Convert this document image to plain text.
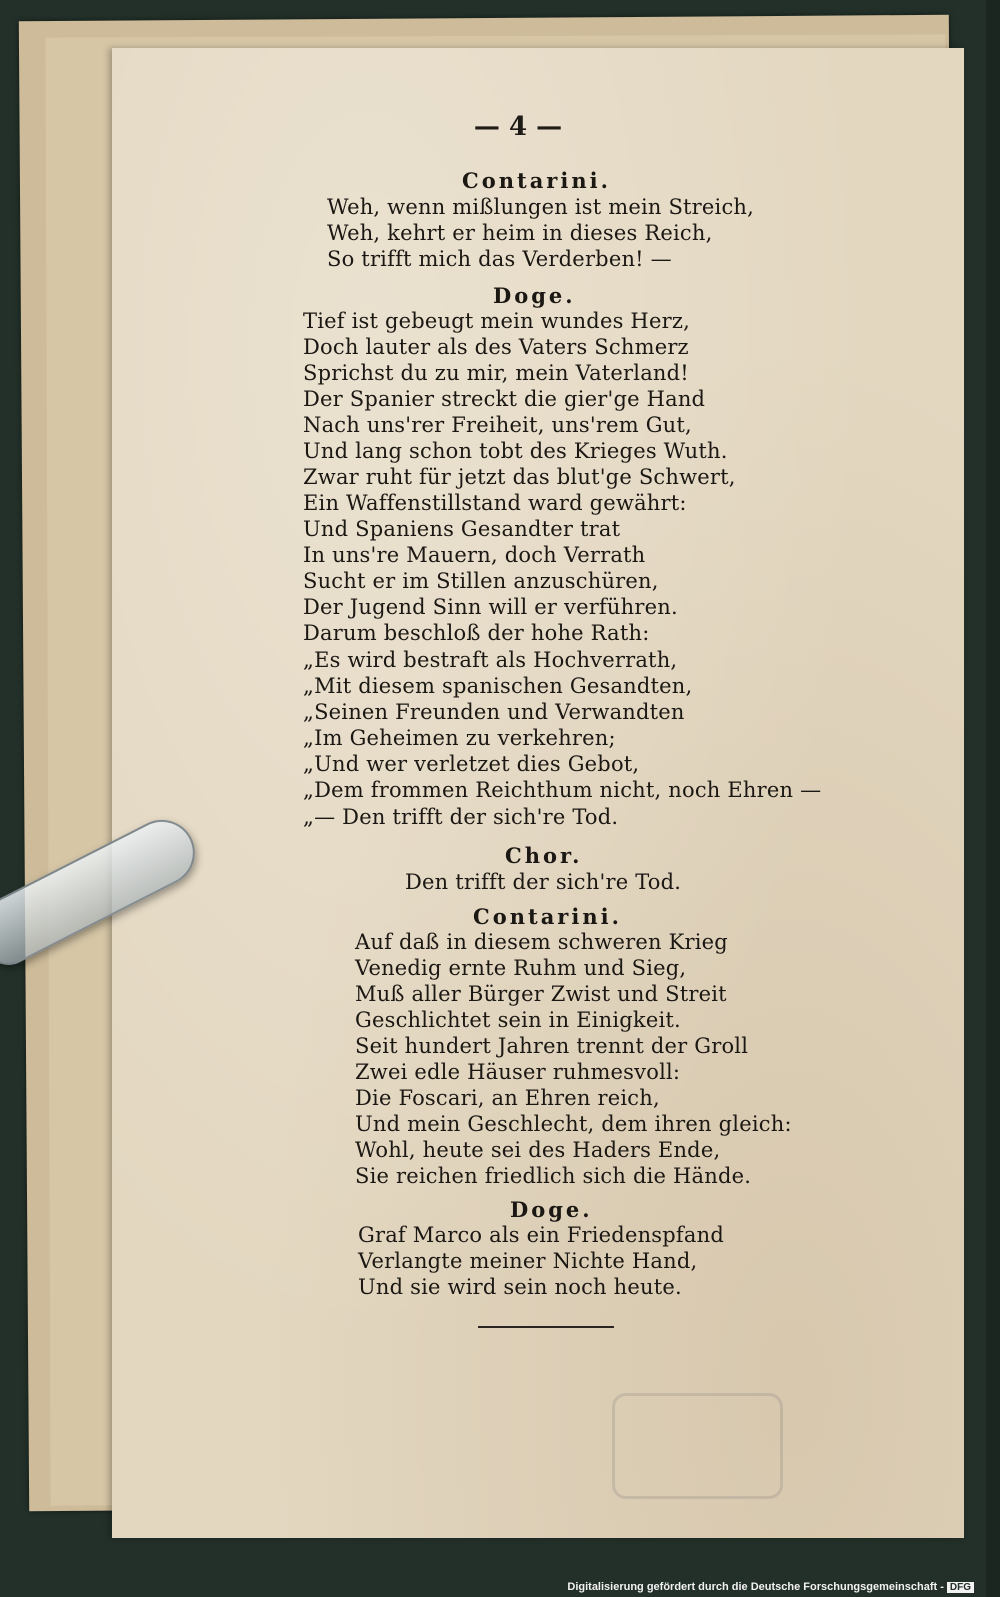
— 4 —
Contarini.
Weh, wenn mißlungen ist mein Streich,
Weh, kehrt er heim in dieses Reich,
So trifft mich das Verderben! —
Doge.
Tief ist gebeugt mein wundes Herz,
Doch lauter als des Vaters Schmerz
Sprichst du zu mir, mein Vaterland!
Der Spanier streckt die gier'ge Hand
Nach uns'rer Freiheit, uns'rem Gut,
Und lang schon tobt des Krieges Wuth.
Zwar ruht für jetzt das blut'ge Schwert,
Ein Waffenstillstand ward gewährt:
Und Spaniens Gesandter trat
In uns're Mauern, doch Verrath
Sucht er im Stillen anzuschüren,
Der Jugend Sinn will er verführen.
Darum beschloß der hohe Rath:
„Es wird bestraft als Hochverrath,
„Mit diesem spanischen Gesandten,
„Seinen Freunden und Verwandten
„Im Geheimen zu verkehren;
„Und wer verletzet dies Gebot,
„Dem frommen Reichthum nicht, noch Ehren —
„— Den trifft der sich're Tod.
Chor.
Den trifft der sich're Tod.
Contarini.
Auf daß in diesem schweren Krieg
Venedig ernte Ruhm und Sieg,
Muß aller Bürger Zwist und Streit
Geschlichtet sein in Einigkeit.
Seit hundert Jahren trennt der Groll
Zwei edle Häuser ruhmesvoll:
Die Foscari, an Ehren reich,
Und mein Geschlecht, dem ihren gleich:
Wohl, heute sei des Haders Ende,
Sie reichen friedlich sich die Hände.
Doge.
Graf Marco als ein Friedenspfand
Verlangte meiner Nichte Hand,
Und sie wird sein noch heute.
Digitalisierung gefördert durch die Deutsche Forschungsgemeinschaft - DFG
